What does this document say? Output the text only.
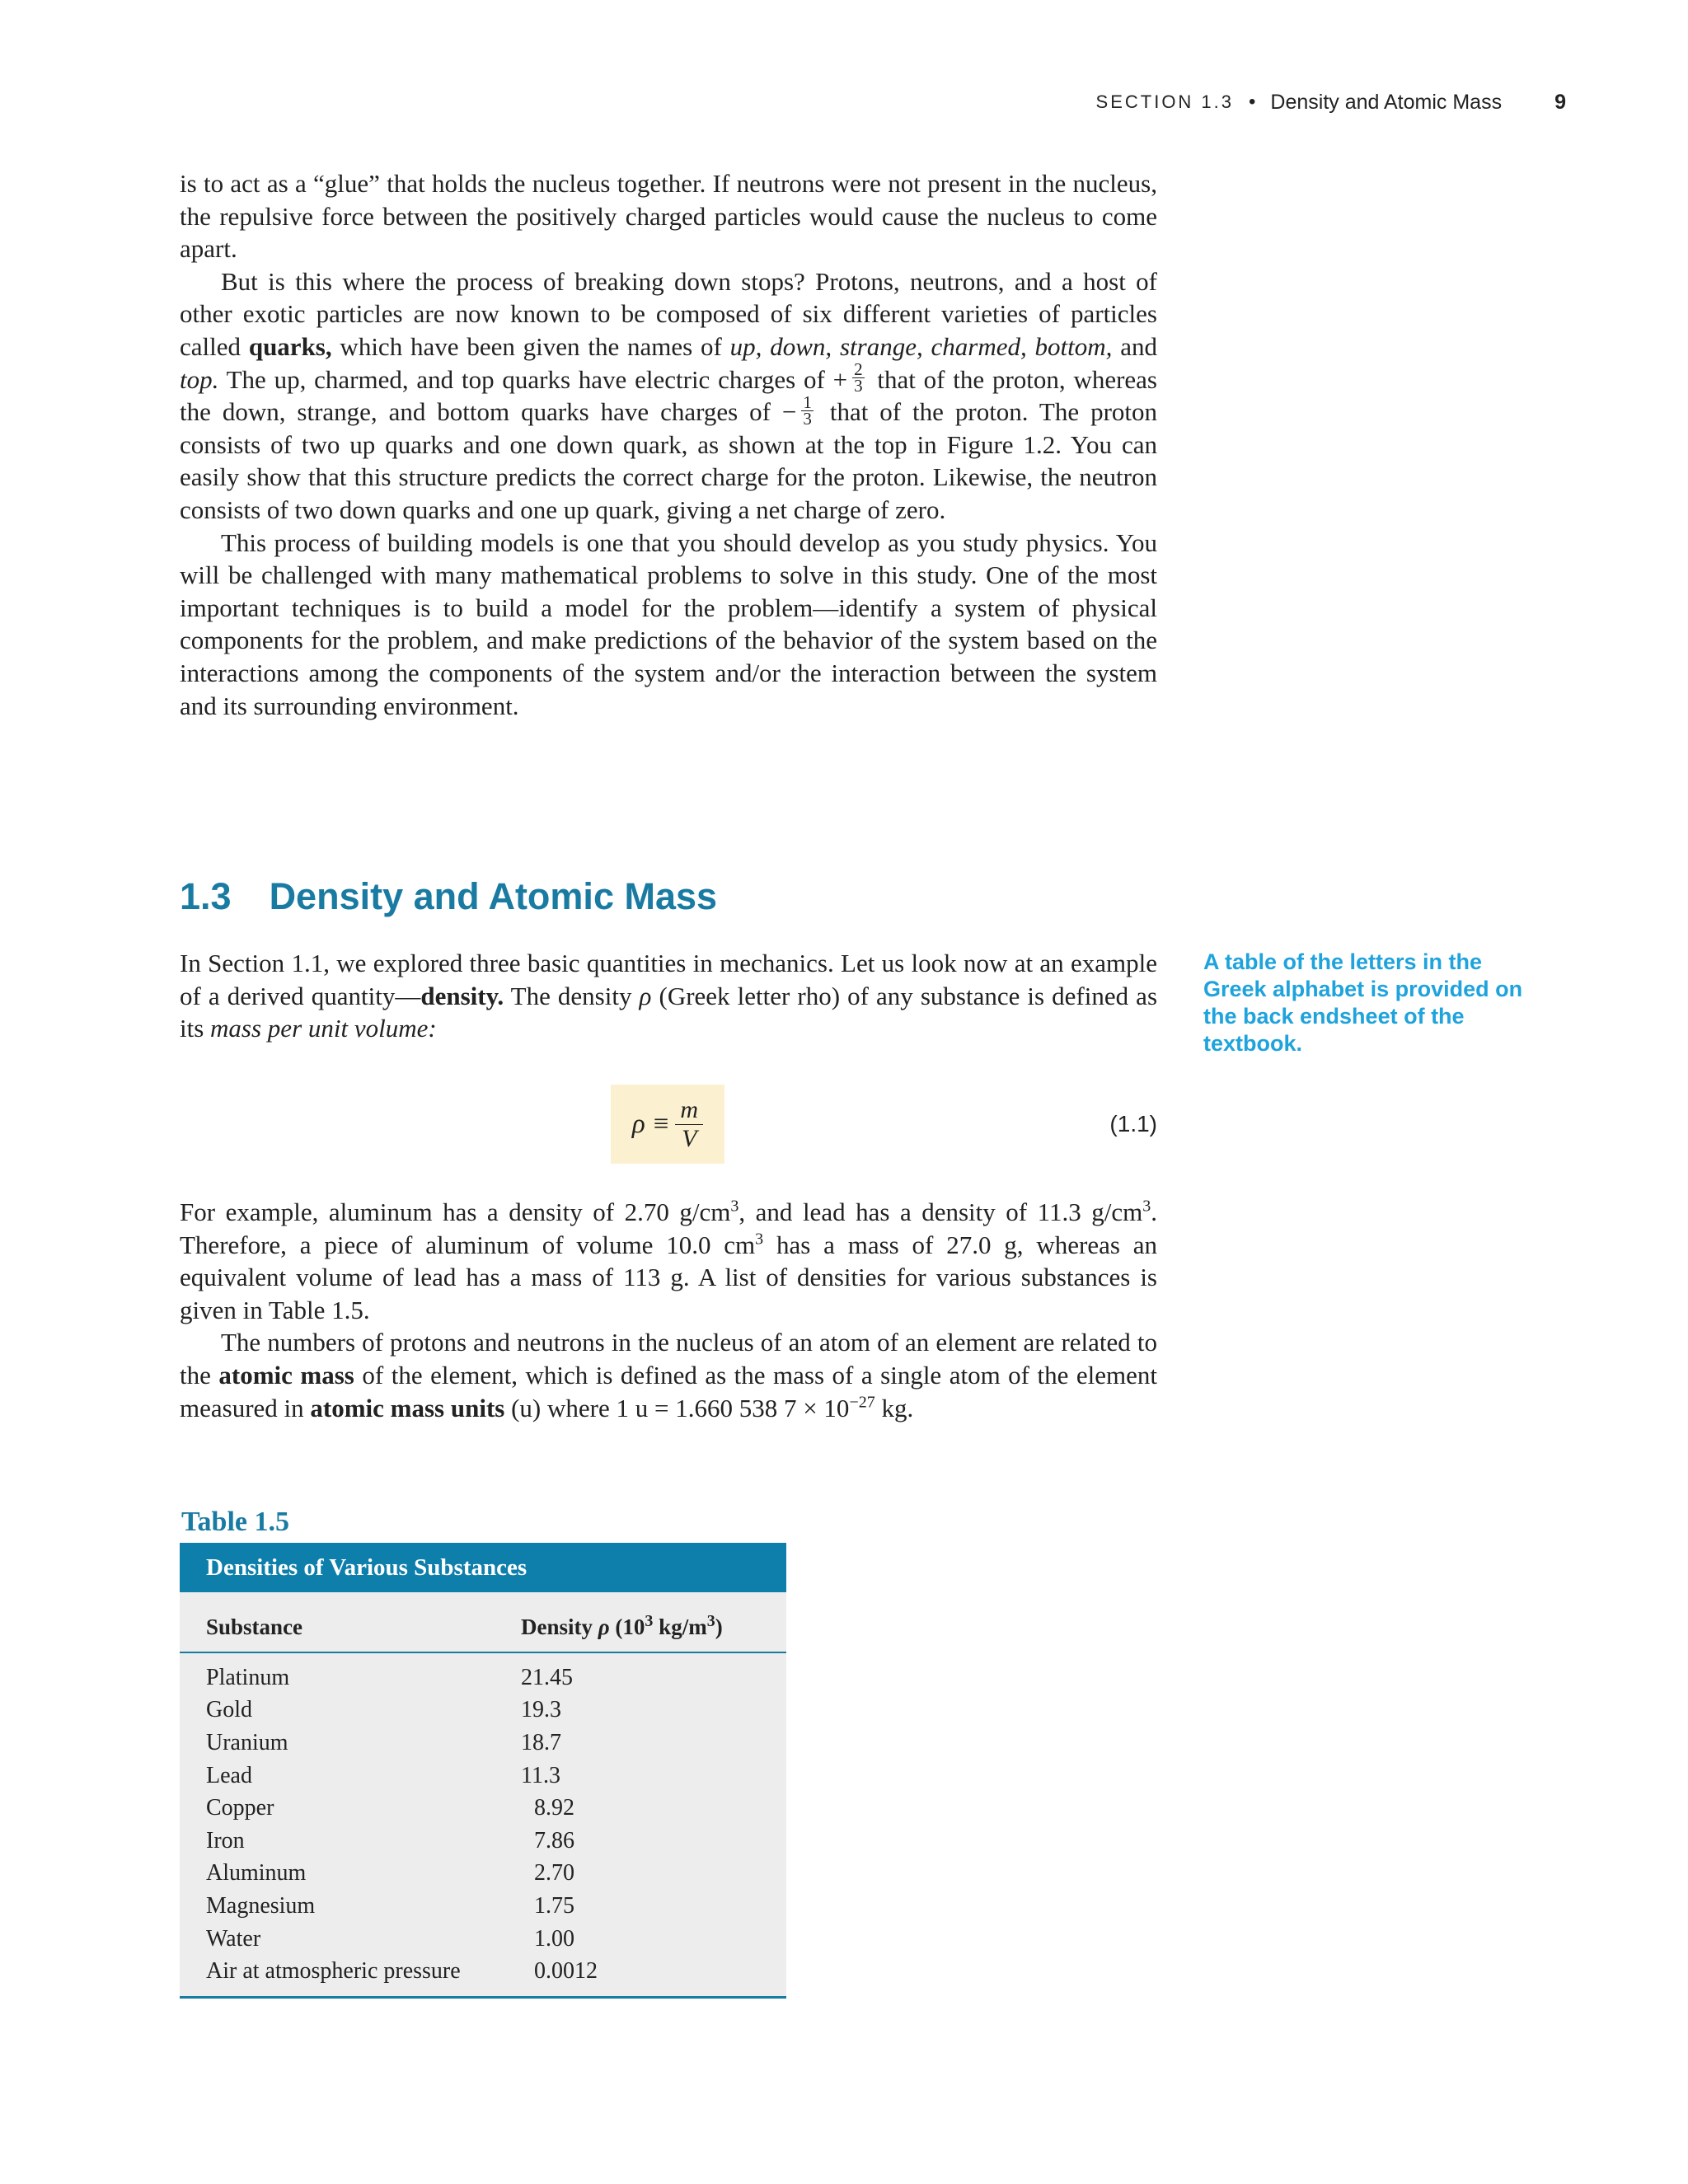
SECTION 1.3 • Density and Atomic Mass	9

is to act as a “glue” that holds the nucleus together. If neutrons were not present in the nucleus, the repulsive force between the positively charged particles would cause the nucleus to come apart.

But is this where the process of breaking down stops? Protons, neutrons, and a host of other exotic particles are now known to be composed of six different varieties of particles called quarks, which have been given the names of up, down, strange, charmed, bottom, and top. The up, charmed, and top quarks have electric charges of + $\frac{2}{3}$ that of the proton, whereas the down, strange, and bottom quarks have charges of − $\frac{1}{3}$ that of the proton. The proton consists of two up quarks and one down quark, as shown at the top in Figure 1.2. You can easily show that this structure predicts the correct charge for the proton. Likewise, the neutron consists of two down quarks and one up quark, giving a net charge of zero.

This process of building models is one that you should develop as you study physics. You will be challenged with many mathematical problems to solve in this study. One of the most important techniques is to build a model for the problem—identify a system of physical components for the problem, and make predictions of the behavior of the system based on the interactions among the components of the system and/or the interaction between the system and its surrounding environment.

1.3 Density and Atomic Mass

In Section 1.1, we explored three basic quantities in mechanics. Let us look now at an example of a derived quantity—density. The density ρ (Greek letter rho) of any substance is defined as its mass per unit volume:

A table of the letters in the Greek alphabet is provided on the back endsheet of the textbook.
$\rho \equiv \frac{m}{V}$	(1.1)

For example, aluminum has a density of 2.70 $g/cm^3$, and lead has a density of 11.3 $g/cm^3$. Therefore, a piece of aluminum of volume 10.0 $cm^3$ has a mass of 27.0 g, whereas an equivalent volume of lead has a mass of 113 g. A list of densities for various substances is given in Table 1.5.

The numbers of protons and neutrons in the nucleus of an atom of an element are related to the atomic mass of the element, which is defined as the mass of a single atom of the element measured in atomic mass units (u) where 1 u = 1.660 538 $7 \times 10^{-27}$ kg.

Table 1.5
Densities of Various Substances
Substance	Density ρ ($10^3$ $kg/m^3$)
Platinum	21.45
Gold	19.3
Uranium	18.7
Lead	11.3
Copper	8.92
Iron	7.86
Aluminum	2.70
Magnesium	1.75
Water	1.00
Air at atmospheric pressure	0.0012
